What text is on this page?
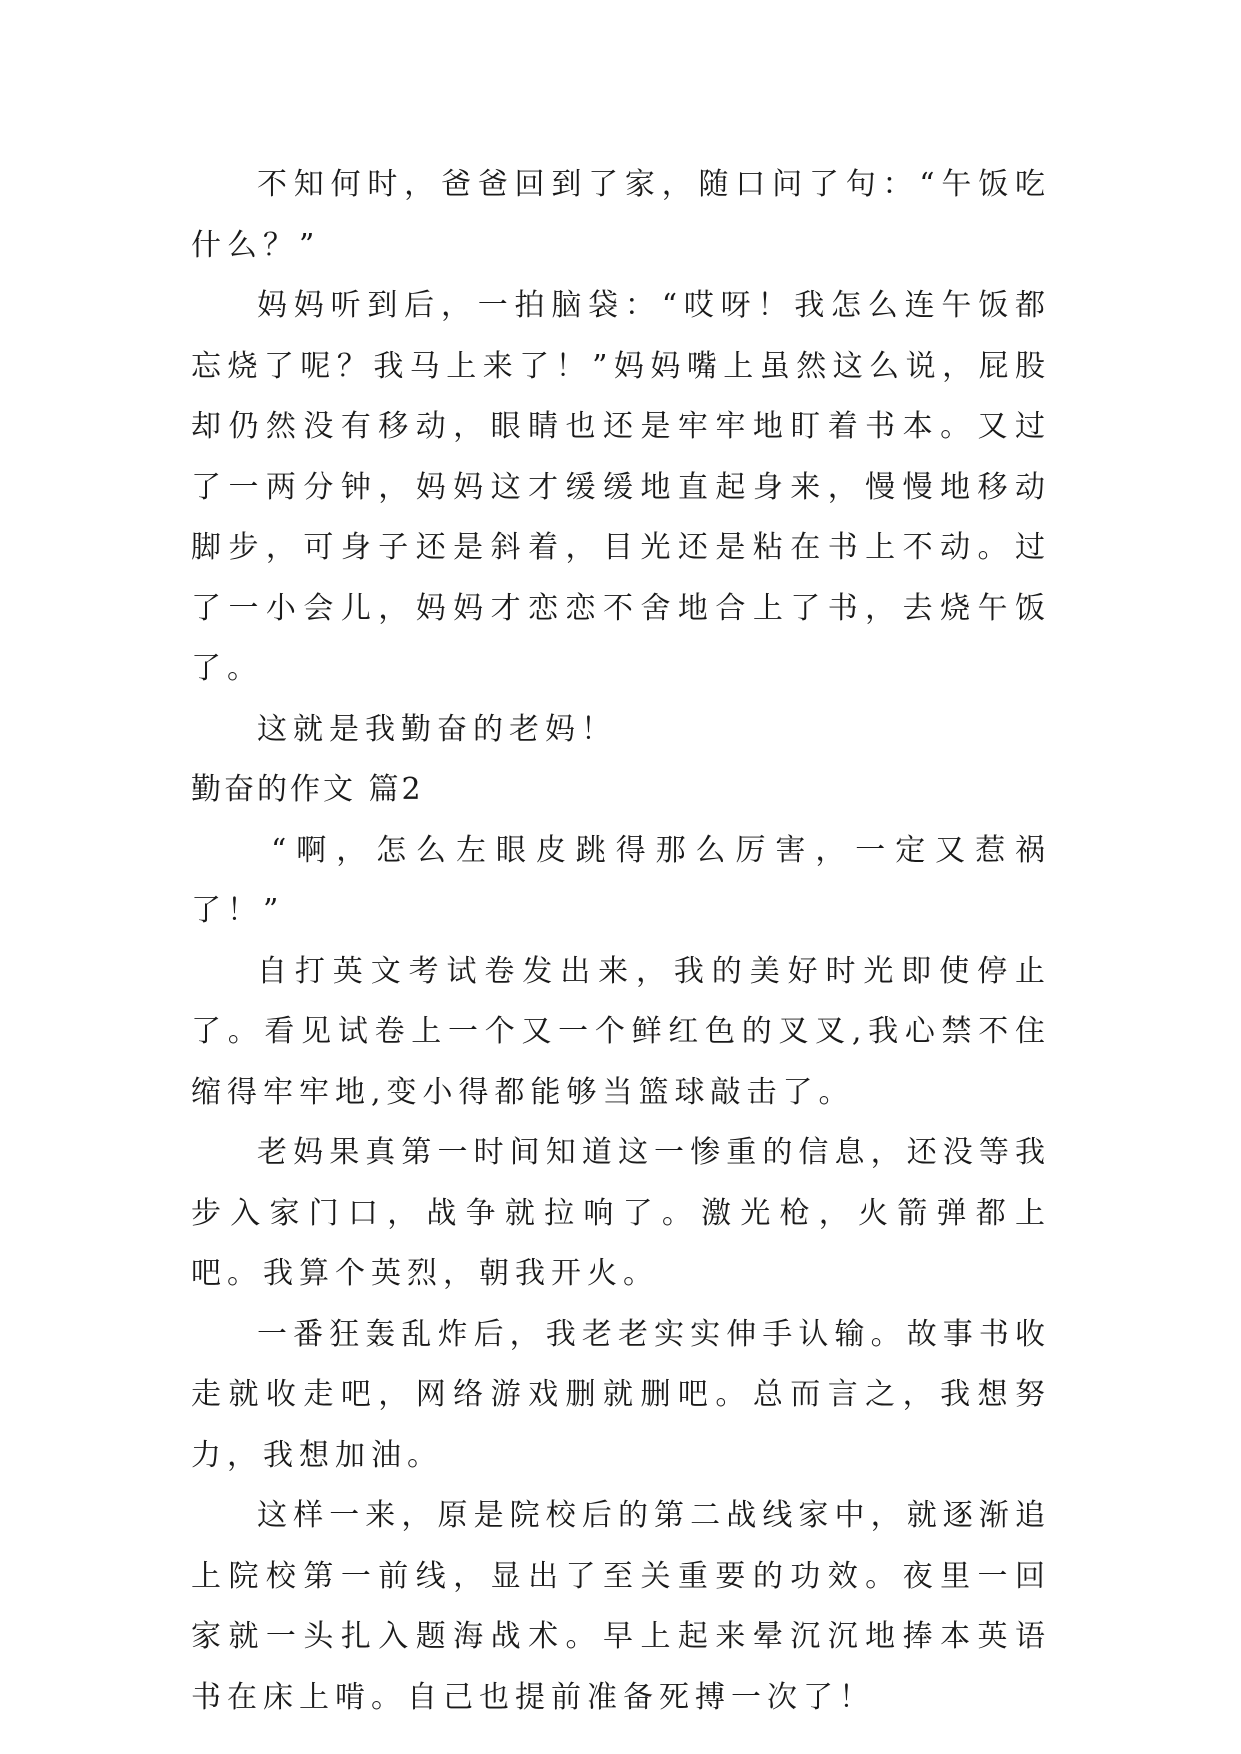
不知何时，爸爸回到了家，随口问了句：“午饭吃什么？”

妈妈听到后，一拍脑袋：“哎呀！我怎么连午饭都忘烧了呢？我马上来了！”妈妈嘴上虽然这么说，屁股却仍然没有移动，眼睛也还是牢牢地盯着书本。又过了一两分钟，妈妈这才缓缓地直起身来，慢慢地移动脚步，可身子还是斜着，目光还是粘在书上不动。过了一小会儿，妈妈才恋恋不舍地合上了书，去烧午饭了。

这就是我勤奋的老妈！

勤奋的作文 篇2

“啊，怎么左眼皮跳得那么厉害，一定又惹祸了！”

自打英文考试卷发出来，我的美好时光即使停止了。看见试卷上一个又一个鲜红色的叉叉,我心禁不住缩得牢牢地,变小得都能够当篮球敲击了。

老妈果真第一时间知道这一惨重的信息，还没等我步入家门口，战争就拉响了。激光枪，火箭弹都上吧。我算个英烈，朝我开火。

一番狂轰乱炸后，我老老实实伸手认输。故事书收走就收走吧，网络游戏删就删吧。总而言之，我想努力，我想加油。

这样一来，原是院校后的第二战线家中，就逐渐追上院校第一前线，显出了至关重要的功效。夜里一回家就一头扎入题海战术。早上起来晕沉沉地捧本英语书在床上啃。自己也提前准备死搏一次了！
